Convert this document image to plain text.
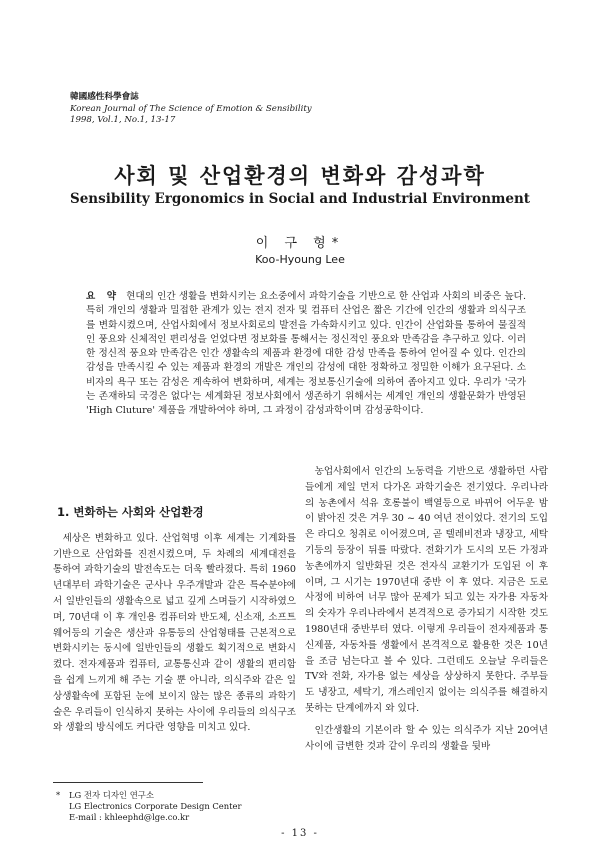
韓國感性科學會誌
Korean Journal of The Science of Emotion & Sensibility
1998, Vol.1, No.1, 13-17
사회 및 산업환경의 변화와 감성과학
Sensibility Ergonomics in Social and Industrial Environment
이 구 형*
Koo-Hyoung Lee
요 약 현대의 인간 생활을 변화시키는 요소중에서 과학기술을 기반으로 한 산업과 사회의 비중은 높다. 특히 개인의 생활과 밀접한 관계가 있는 전지 전자 및 컴퓨터 산업은 짧은 기간에 인간의 생활과 의식구조를 변화시켰으며, 산업사회에서 정보사회로의 발전을 가속화시키고 있다. 인간이 산업화를 통하여 물질적인 풍요와 신체적인 편리성을 얻었다면 정보화를 통해서는 정신적인 풍요와 만족감을 추구하고 있다. 이러한 정신적 풍요와 만족감은 인간 생활속의 제품과 환경에 대한 감성 만족을 통하여 얻어질 수 있다. 인간의 감성을 만족시킬 수 있는 제품과 환경의 개발은 개인의 감성에 대한 정확하고 정밀한 이해가 요구된다. 소비자의 욕구 또는 감성은 계속하여 변화하며, 세계는 정보통신기술에 의하여 좁아지고 있다. 우리가 '국가는 존재하되 국경은 없다'는 세계화된 정보사회에서 생존하기 위해서는 세계인 개인의 생활문화가 반영된 'High Cluture' 제품을 개발하여야 하며, 그 과정이 감성과학이며 감성공학이다.
1. 변화하는 사회와 산업환경

세상은 변화하고 있다. 산업혁명 이후 세계는 기계화를 기반으로 산업화를 진전시켰으며, 두 차례의 세계대전을 통하여 과학기술의 발전속도는 더욱 빨라졌다. 특히 1960년대부터 과학기술은 군사나 우주개발과 같은 특수분야에서 일반인들의 생활속으로 넓고 깊게 스며들기 시작하였으며, 70년대 이 후 개인용 컴퓨터와 반도체, 신소재, 소프트웨어등의 기술은 생산과 유통등의 산업형태를 근본적으로 변화시키는 동시에 일반인들의 생활도 획기적으로 변화시켰다. 전자제품과 컴퓨터, 교통통신과 같이 생활의 편리함을 쉽게 느끼게 해 주는 기술 뿐 아니라, 의식주와 같은 일상생활속에 포함된 눈에 보이지 않는 많은 종류의 과학기술은 우리들이 인식하지 못하는 사이에 우리들의 의식구조와 생활의 방식에도 커다란 영향을 미치고 있다.

농업사회에서 인간의 노동력을 기반으로 생활하던 사람들에게 제일 먼저 다가온 과학기술은 전기였다. 우리나라의 농촌에서 석유 호롱불이 백열등으로 바뀌어 어두운 밤이 밝아진 것은 겨우 30 ~ 40 여년 전이었다. 전기의 도입은 라디오 청취로 이어졌으며, 곧 텔레비전과 냉장고, 세탁기등의 등장이 뒤를 따랐다. 전화기가 도시의 모든 가정과 농촌에까지 일반화된 것은 전자식 교환기가 도입된 이 후이며, 그 시기는 1970년대 중반 이 후 였다. 지금은 도로사정에 비하여 너무 많아 문제가 되고 있는 자가용 자동차의 숫자가 우리나라에서 본격적으로 증가되기 시작한 것도 1980년대 중반부터 였다. 이렇게 우리들이 전자제품과 통신제품, 자동차를 생활에서 본격적으로 활용한 것은 10년을 조금 넘는다고 볼 수 있다. 그런데도 오늘날 우리들은 TV와 전화, 자가용 없는 세상을 상상하지 못한다. 주부들도 냉장고, 세탁기, 개스레인지 없이는 의식주를 해결하지 못하는 단계에까지 와 있다.

인간생활의 기본이라 할 수 있는 의식주가 지난 20여년 사이에 급변한 것과 같이 우리의 생활을 뒷바

* LG 전자 디자인 연구소
LG Electronics Corporate Design Center
E-mail : khleephd@lge.co.kr
- 13 -
